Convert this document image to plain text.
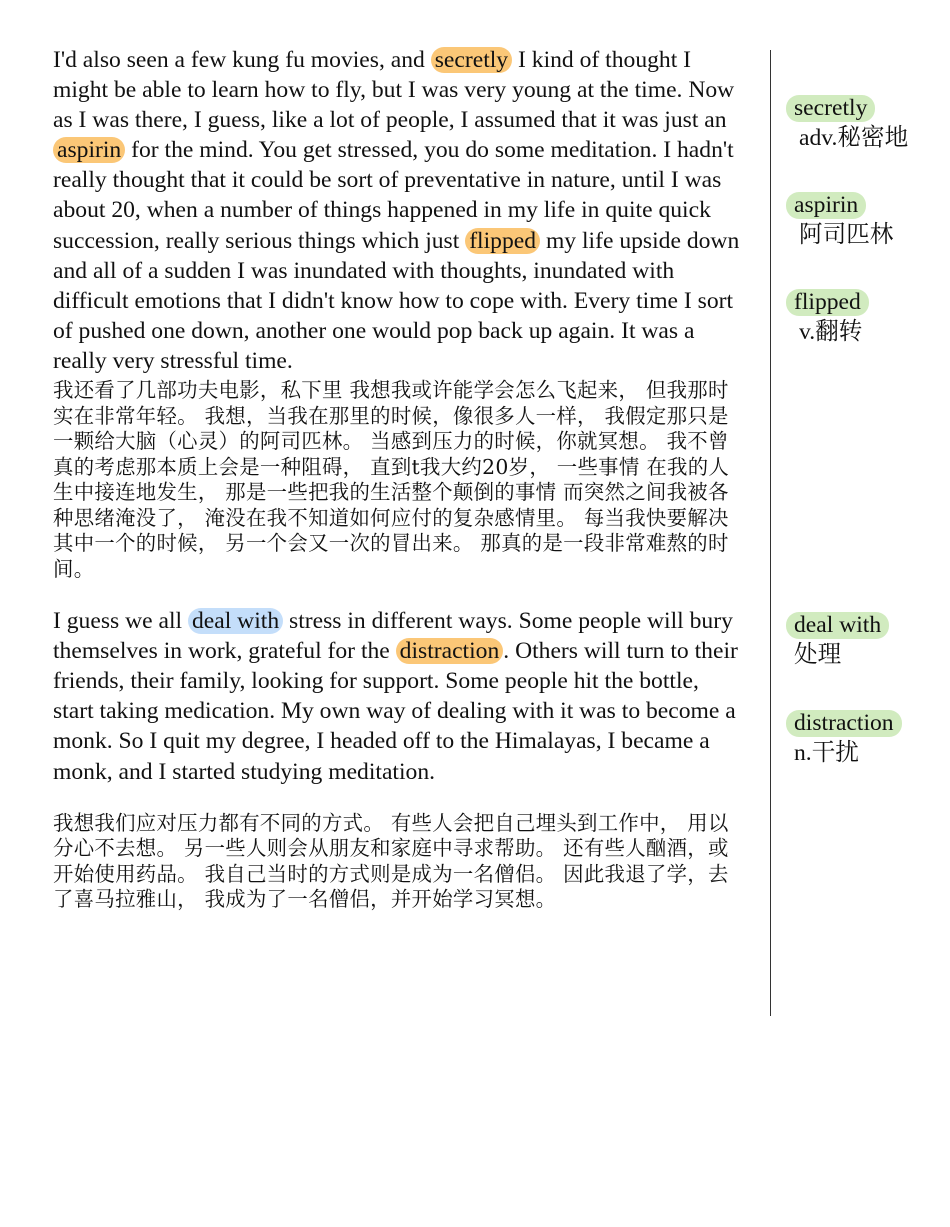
I'd also seen a few kung fu movies, and secretly I kind of thought I might be able to learn how to fly, but I was very young at the time. Now as I was there, I guess, like a lot of people, I assumed that it was just an aspirin for the mind. You get stressed, you do some meditation. I hadn't really thought that it could be sort of preventative in nature, until I was about 20, when a number of things happened in my life in quite quick succession, really serious things which just flipped my life upside down and all of a sudden I was inundated with thoughts, inundated with difficult emotions that I didn't know how to cope with. Every time I sort of pushed one down, another one would pop back up again. It was a really very stressful time.

我还看了几部功夫电影，私下里 我想我或许能学会怎么飞起来， 但我那时实在非常年轻。 我想，当我在那里的时候，像很多人一样， 我假定那只是一颗给大脑（心灵）的阿司匹林。 当感到压力的时候，你就冥想。 我不曾真的考虑那本质上会是一种阻碍， 直到t我大约20岁， 一些事情 在我的人生中接连地发生， 那是一些把我的生活整个颠倒的事情 而突然之间我被各种思绪淹没了， 淹没在我不知道如何应付的复杂感情里。 每当我快要解决其中一个的时候， 另一个会又一次的冒出来。 那真的是一段非常难熬的时间。

I guess we all deal with stress in different ways. Some people will bury themselves in work, grateful for the distraction . Others will turn to their friends, their family, looking for support. Some people hit the bottle, start taking medication. My own way of dealing with it was to become a monk. So I quit my degree, I headed off to the Himalayas, I became a monk, and I started studying meditation.

我想我们应对压力都有不同的方式。 有些人会把自己埋头到工作中， 用以分心不去想。 另一些人则会从朋友和家庭中寻求帮助。 还有些人酗酒，或开始使用药品。 我自己当时的方式则是成为一名僧侣。 因此我退了学，去了喜马拉雅山， 我成为了一名僧侣，并开始学习冥想。

secretly
adv.秘密地
aspirin
阿司匹林
flipped
v.翻转
deal with
处理
distraction
n.干扰
